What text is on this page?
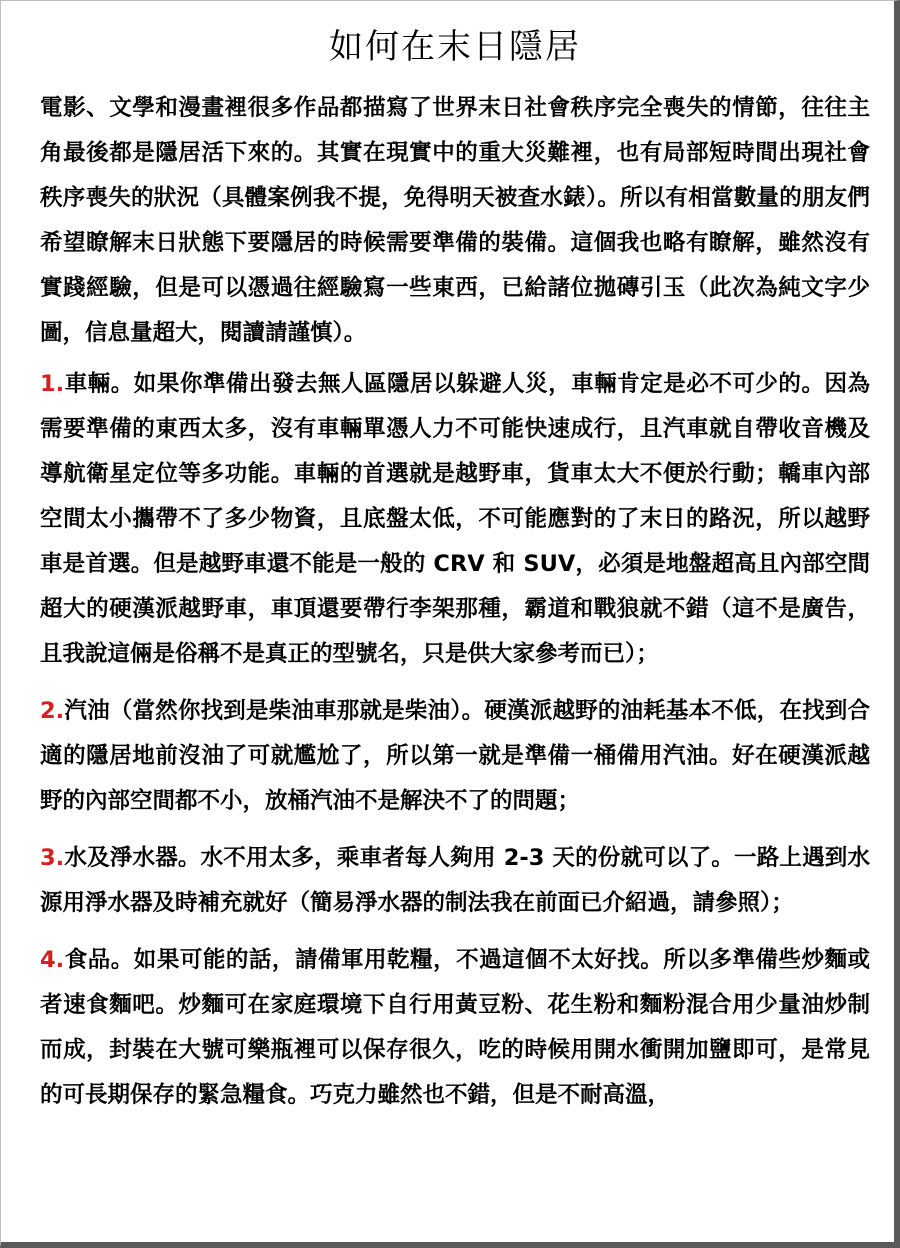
如何在末日隱居

電影、文學和漫畫裡很多作品都描寫了世界末日社會秩序完全喪失的情節，往往主角最後都是隱居活下來的。其實在現實中的重大災難裡，也有局部短時間出現社會秩序喪失的狀況（具體案例我不提，免得明天被查水錶）。所以有相當數量的朋友們希望瞭解末日狀態下要隱居的時候需要準備的裝備。這個我也略有瞭解，雖然沒有實踐經驗，但是可以憑過往經驗寫一些東西，已給諸位拋磚引玉（此次為純文字少圖，信息量超大，閱讀請謹慎）。

1.車輛。如果你準備出發去無人區隱居以躲避人災，車輛肯定是必不可少的。因為需要準備的東西太多，沒有車輛單憑人力不可能快速成行，且汽車就自帶收音機及導航衛星定位等多功能。車輛的首選就是越野車，貨車太大不便於行動；轎車內部空間太小攜帶不了多少物資，且底盤太低，不可能應對的了末日的路況，所以越野車是首選。但是越野車還不能是一般的 CRV 和 SUV，必須是地盤超高且內部空間超大的硬漢派越野車，車頂還要帶行李架那種，霸道和戰狼就不錯（這不是廣告，且我說這倆是俗稱不是真正的型號名，只是供大家參考而已）；

2.汽油（當然你找到是柴油車那就是柴油）。硬漢派越野的油耗基本不低，在找到合適的隱居地前沒油了可就尷尬了，所以第一就是準備一桶備用汽油。好在硬漢派越野的內部空間都不小，放桶汽油不是解決不了的問題；

3.水及淨水器。水不用太多，乘車者每人夠用 2-3 天的份就可以了。一路上遇到水源用淨水器及時補充就好（簡易淨水器的制法我在前面已介紹過，請參照）；

4.食品。如果可能的話，請備軍用乾糧，不過這個不太好找。所以多準備些炒麵或者速食麵吧。炒麵可在家庭環境下自行用黃豆粉、花生粉和麵粉混合用少量油炒制而成，封裝在大號可樂瓶裡可以保存很久，吃的時候用開水衝開加鹽即可，是常見的可長期保存的緊急糧食。巧克力雖然也不錯，但是不耐高溫，
